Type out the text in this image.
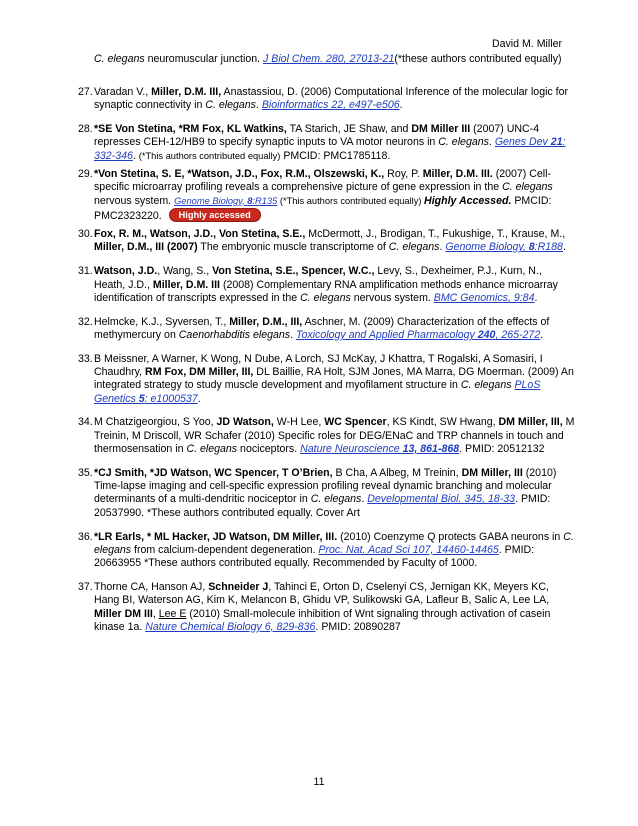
David M. Miller
C. elegans neuromuscular junction. J Biol Chem. 280, 27013-21(*these authors contributed equally)
27. Varadan V., Miller, D.M. III, Anastassiou, D. (2006) Computational Inference of the molecular logic for synaptic connectivity in C. elegans. Bioinformatics 22, e497-e506.
28. *SE Von Stetina, *RM Fox, KL Watkins, TA Starich, JE Shaw, and DM Miller III (2007) UNC-4 represses CEH-12/HB9 to specify synaptic inputs to VA motor neurons in C. elegans. Genes Dev 21: 332-346. (*This authors contributed equally) PMCID: PMC1785118.
29. *Von Stetina, S. E, *Watson, J.D., Fox, R.M., Olszewski, K., Roy, P. Miller, D.M. III. (2007) Cell-specific microarray profiling reveals a comprehensive picture of gene expression in the C. elegans nervous system. Genome Biology, 8:R135 (*This authors contributed equally) Highly Accessed. PMCID: PMC2323220. Highly accessed
30. Fox, R. M., Watson, J.D., Von Stetina, S.E., McDermott, J., Brodigan, T., Fukushige, T., Krause, M., Miller, D.M., III (2007) The embryonic muscle transcriptome of C. elegans. Genome Biology, 8:R188.
31. Watson, J.D., Wang, S., Von Stetina, S.E., Spencer, W.C., Levy, S., Dexheimer, P.J., Kurn, N., Heath, J.D., Miller, D.M. III (2008) Complementary RNA amplification methods enhance microarray identification of transcripts expressed in the C. elegans nervous system. BMC Genomics, 9:84.
32. Helmcke, K.J., Syversen, T., Miller, D.M., III, Aschner, M. (2009) Characterization of the effects of methymercury on Caenorhabditis elegans. Toxicology and Applied Pharmacology 240, 265-272.
33. B Meissner, A Warner, K Wong, N Dube, A Lorch, SJ McKay, J Khattra, T Rogalski, A Somasiri, I Chaudhry, RM Fox, DM Miller, III, DL Baillie, RA Holt, SJM Jones, MA Marra, DG Moerman. (2009) An integrated strategy to study muscle development and myofilament structure in C. elegans PLoS Genetics 5: e1000537.
34. M Chatzigeorgiou, S Yoo, JD Watson, W-H Lee, WC Spencer, KS Kindt, SW Hwang, DM Miller, III, M Treinin, M Driscoll, WR Schafer (2010) Specific roles for DEG/ENaC and TRP channels in touch and thermosensation in C. elegans nociceptors. Nature Neuroscience 13, 861-868. PMID: 20512132
35. *CJ Smith, *JD Watson, WC Spencer, T O’Brien, B Cha, A Albeg, M Treinin, DM Miller, III (2010) Time-lapse imaging and cell-specific expression profiling reveal dynamic branching and molecular determinants of a multi-dendritic nociceptor in C. elegans. Developmental Biol. 345, 18-33. PMID: 20537990. *These authors contributed equally. Cover Art
36. *LR Earls, * ML Hacker, JD Watson, DM Miller, III. (2010) Coenzyme Q protects GABA neurons in C. elegans from calcium-dependent degeneration. Proc. Nat. Acad Sci 107, 14460-14465. PMID: 20663955 *These authors contributed equally. Recommended by Faculty of 1000.
37. Thorne CA, Hanson AJ, Schneider J, Tahinci E, Orton D, Cselenyi CS, Jernigan KK, Meyers KC, Hang BI, Waterson AG, Kim K, Melancon B, Ghidu VP, Sulikowski GA, Lafleur B, Salic A, Lee LA, Miller DM III, Lee E (2010) Small-molecule inhibition of Wnt signaling through activation of casein kinase 1a. Nature Chemical Biology 6, 829-836. PMID: 20890287
11
